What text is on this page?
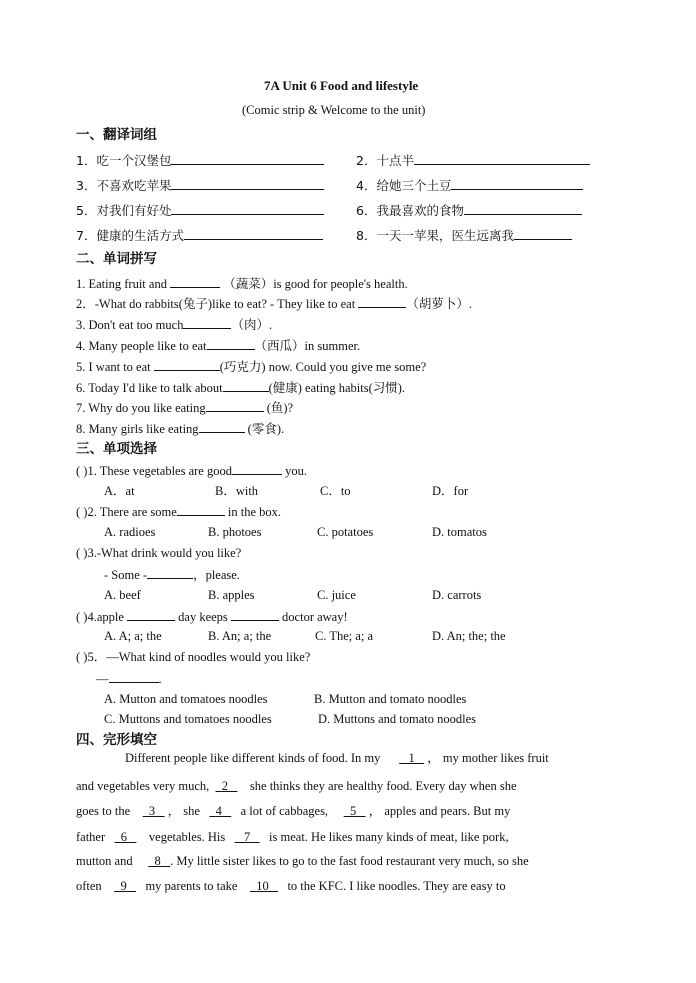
7A Unit 6 Food and lifestyle
(Comic strip & Welcome to the unit)
一、翻译词组
1．吃一个汉堡包	2．十点半
3．不喜欢吃苹果	4．给她三个土豆
5．对我们有好处	6．我最喜欢的食物
7．健康的生活方式	8．一天一苹果，医生远离我
二、单词拼写
1. Eating fruit and	（蔬菜）is good for people's health.
2．-What do rabbits(兔子)like to eat? - They like to eat	（胡萝卜）.
3. Don't eat too much	（肉）.
4. Many people like to eat	（西瓜）in summer.
5. I want to eat	(巧克力) now. Could you give me some?
6. Today I'd like to talk about	(健康) eating habits(习惯).
7. Why do you like eating	(鱼)?
8. Many girls like eating	(零食).
三、单项选择
( )1. These vegetables are good	you.
A．at	B．with	C．to	D．for
( )2. There are some	in the box.
A. radioes	B. photoes	C. potatoes	D. tomatos
( )3.-What drink would you like?
- Some -	，please.
A. beef	B. apples	C. juice	D. carrots
( )4.apple	day keeps	doctor away!
A. A; a; the	B. An; a; the	C. The; a; a	D. An; the; the
( )5．—What kind of noodles would you like?
—	.
A. Mutton and tomatoes noodles	B. Mutton and tomato noodles
C. Muttons and tomatoes noodles	D. Muttons and tomato noodles
四、完形填空
Different people like different kinds of food. In my 1 ， my mother likes fruit
and vegetables very much, 2 she thinks they are healthy food. Every day when she
goes to the 3 ， she 4 a lot of cabbages, 5 ， apples and pears. But my
father 6 vegetables. His 7 is meat. He likes many kinds of meat, like pork,
mutton and 8 . My little sister likes to go to the fast food restaurant very much, so she
often 9 my parents to take 10 to the KFC. I like noodles. They are easy to
